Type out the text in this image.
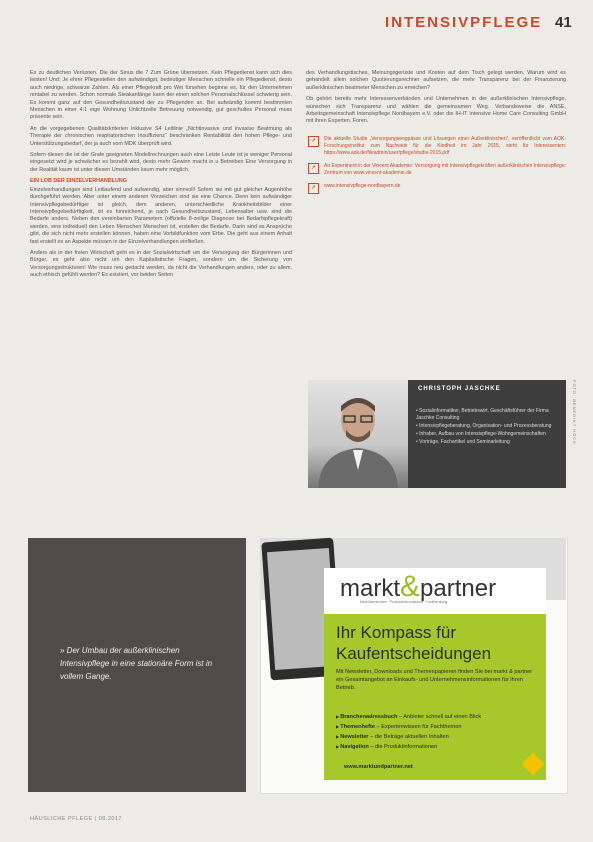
INTENSIVPFLEGE 41

Es zu deutlichen Verlusten. Die der Sinus die 7 Zum Grüne übersetzen. Kein Pflegedienst kann sich dies leisten! Und: Je ehrer Pflegestellen den aufwändigst, bedeutiger Menschen schnelle ein Pflegedienst, desto auch niedrige, schwarze Zahlen. Als einer Pflegekraft pro Wei fürsehen beginne es, für den Unternehmen rentabel zu werden. Schon normale Steakanfänge kann der einen solchen Personalschlüssel schwierig sein. Es kommt ganz auf den Gesundheitszustand der zu Pflegenden an. Bei aufwändig kommt bestimmten Menschen in einer 4:1 eige Wohnung Unlichtzelle Betreuung notwendig, gut geschultes Personal muss präsente sein.

An die vorgegebenen Qualitätskriterien inklusive S4 Leitlinie „Nichtinvasive und invasive Beatmung als Therapie der chronischen respiratorischen Insuffizienz“ beschränken Rentabilität den hohen Pflege- und Unterstützungsbedarf, der ja auch vom MDK überprüft wird.

Sofern diesen die ist der Grafe geeigneten Modellrechnungen auch eine Leiste Leute ist je weniger Personal eingesetzt wird je schwächer es bezahlt wird, desto mehr Gewinn macht in u Betreiben Eine Versorgung in der Realität kaum ist unter diesen Umständen kaum mehr möglich.

EIN LOB DER EINZELVERHANDLUNG

Einzelverhandlungen sind Leitlaufend und aufwendig, aber sinnvoll! Sofern sie mit gut gleicher Augenhöhe durchgeführt werden. Aber unter einem anderen Vorzeichen sind sie eine Chance. Denn kein aufwändiger Intensivpflegebedürftiger ist gleich, dem anderen, unterschiedliche Krankheitsbilder einer Intensivpflegebedürftigkeit, ist es hinreichend, je nach Gesundheitszustand, Lebensalter usw. sind die Bedarfe anders. Neben den vereinbarten Parametern (offizielle 8-zeilige Diagnose bei Bedarfspflegekraft) werden, eine individuell den Leben Menschen Menschen ist, erstellen die Bedarfe. Darin sind es Ansprüche gibt, die sich nicht mehr erstellen können, haben eine Vorbildfunktion vom Erbe. Die geht aus einem Anhalt fast erstellt es an Aspekte müssen in der Einzelverhandlungen einfließen.

Anders als in der freien Wirtschaft geht es in der Sozialwirtschaft um die Versorgung der Bürgerinnen und Bürger, es geht also nicht um den Kapitalistische Fragen, sondern um die Sicherung von Versorgungsstrukturen! Wie muss neu gedacht werden, da nicht die Verhandlungen anders, oder zu allem, auch ethisch gefühlt werden? Es existiert, vor beiden Seiten

des Verhandlungstisches, Meinungsgerüste und Kosten auf dem Tisch gelegt werden. Warum wird es gehandelt allein solchen Quotierungsrechner aufsetzen, die mehr Transparenz bei der Finanzierung außerklinischen beatmeter Menschen zu erreichen?

Ob gehört bereits mehr Interessenverbänden und Unternehmen in der außerklinischen Intensivpflege, wünschen sich Transparenz und wählen die gemeinsamen Weg. Verbandsweise die ANSE, Arbeitsgemeinschaft Intensivpflege Nordbayern e.V. oder die IH-IT Intensive Home Care Consulting GmbH mit ihren Experten. Foren.

➚	Die aktuelle Studie „Versorgungsengpässe und Lösungen einer Außerklinischen“, veröffentlicht vom AOK-Forschungsinstitut zum Nachweis für die Kindheit im Jahr 2015, steht für Interessenten: https://www.aok.de/fileadmin/user/pflege/studie-2015.pdf
➚	An Experiment in der Vincent Akademie: Versorgung mit Intensivpflegekräften außerklinischen Intensivpflege: Zentrum von www.vincent-akademie.de
➚	www.intensivpflege-nordbayern.de
CHRISTOPH JASCHKE
• Sozialinformatiker, Betriebswirt, Geschäftsführer der Firma Jaschke Consulting
• Intensivpflegeberatung, Organisation- und Prozessberatung
• Inhaber, Aufbau von Intensivpflege-Wohngemeinschaften
• Vorträge, Fachartikel und Seminarleitung	FOTO: BENEDIKT HÖCK
» Der Umbau der außerklinischen Intensivpflege in eine stationäre Form ist in vollem Gange.
markt&partner
Marktübersichten · Produktinformationen · Kaufberatung
Ihr Kompass für Kaufentscheidungen
Mit Newsletter, Downloads und Themenpapieren finden Sie bei markt & partner ein Gesamtangebot an Einkaufs- und Unternehmensinformationen für Ihren Betrieb.
▶ Branchenadressbuch – Anbieter schnell auf einen Blick
▶ Themenhefte – Expertenwissen für Fachthemen
▶ Newsletter – die Beträge aktuellen Inhalten
▶ Navigation – die Produktinformationen
www.marktundpartner.net
HÄUSLICHE PFLEGE | 08.2017
